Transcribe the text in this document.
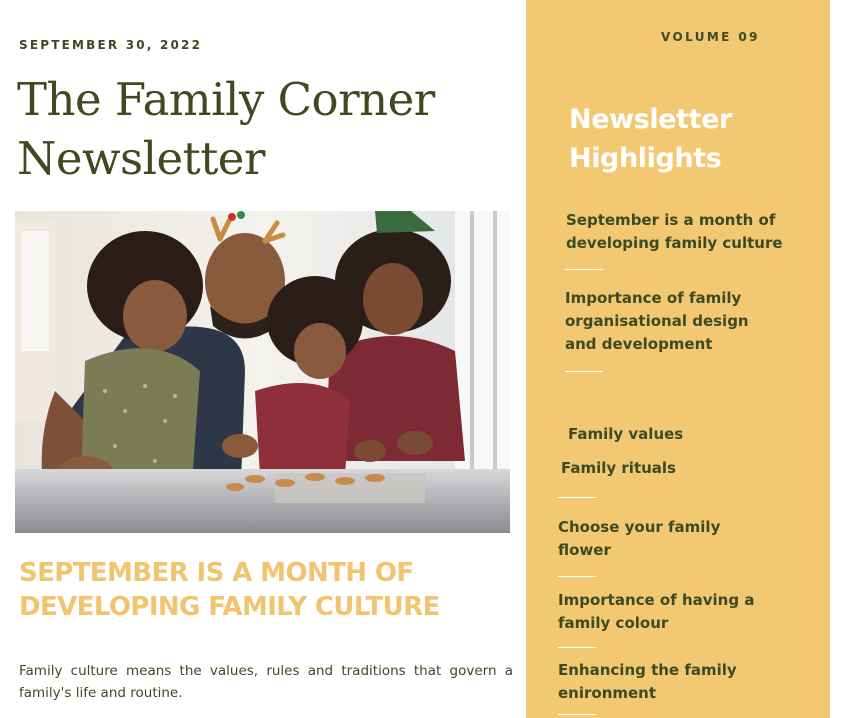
SEPTEMBER 30, 2022
The Family Corner Newsletter
SEPTEMBER IS A MONTH OF DEVELOPING FAMILY CULTURE
Family culture means the values, rules and traditions that govern a family's life and routine.
VOLUME 09
Newsletter Highlights
September is a month of developing family culture
Importance of family organisational design and development
Family values
Family rituals
Choose your family flower
Importance of having a family colour
Enhancing the family enironment
